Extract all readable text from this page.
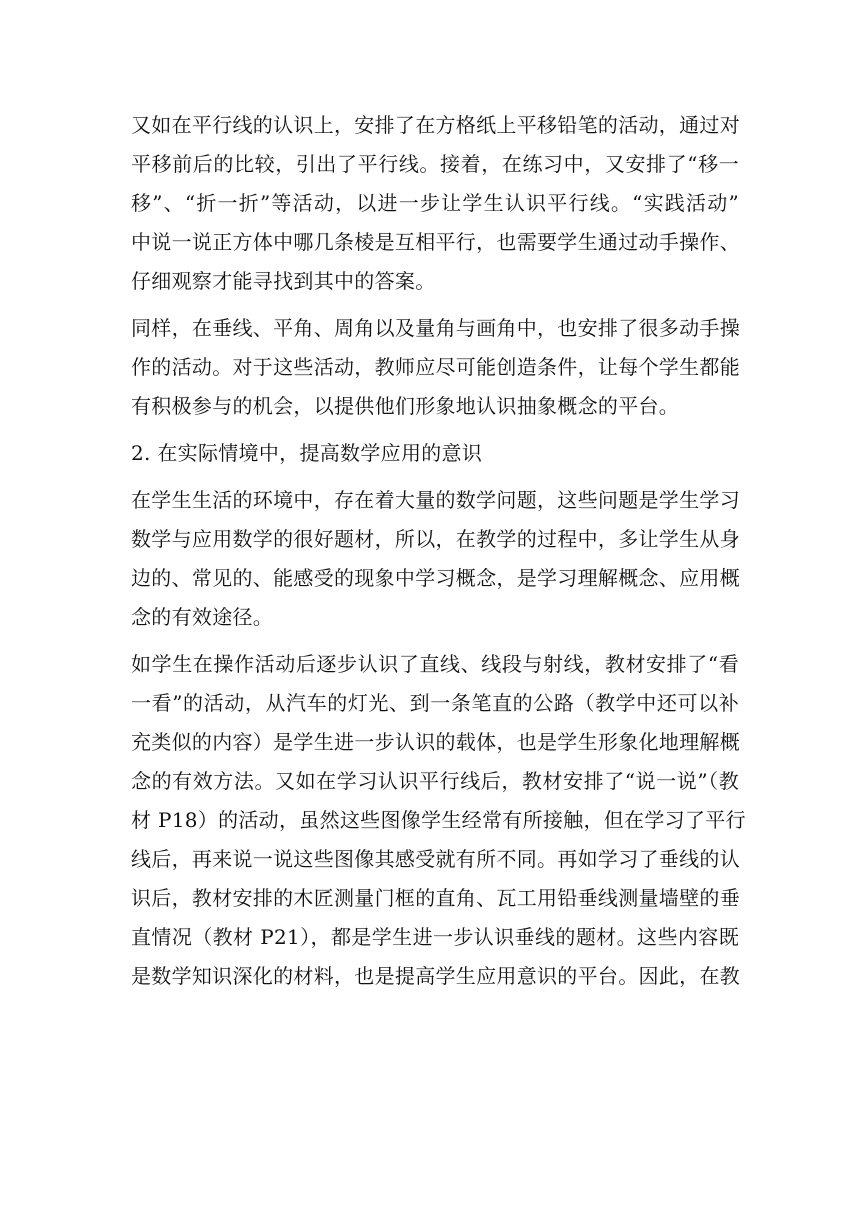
又如在平行线的认识上，安排了在方格纸上平移铅笔的活动，通过对
平移前后的比较，引出了平行线。接着，在练习中，又安排了“移一
移”、“折一折”等活动，以进一步让学生认识平行线。“实践活动”
中说一说正方体中哪几条棱是互相平行，也需要学生通过动手操作、
仔细观察才能寻找到其中的答案。
同样，在垂线、平角、周角以及量角与画角中，也安排了很多动手操
作的活动。对于这些活动，教师应尽可能创造条件，让每个学生都能
有积极参与的机会，以提供他们形象地认识抽象概念的平台。
2. 在实际情境中，提高数学应用的意识
在学生生活的环境中，存在着大量的数学问题，这些问题是学生学习
数学与应用数学的很好题材，所以，在教学的过程中，多让学生从身
边的、常见的、能感受的现象中学习概念，是学习理解概念、应用概
念的有效途径。
如学生在操作活动后逐步认识了直线、线段与射线，教材安排了“看
一看”的活动，从汽车的灯光、到一条笔直的公路（教学中还可以补
充类似的内容）是学生进一步认识的载体，也是学生形象化地理解概
念的有效方法。又如在学习认识平行线后，教材安排了“说一说”（教
材 P18）的活动，虽然这些图像学生经常有所接触，但在学习了平行
线后，再来说一说这些图像其感受就有所不同。再如学习了垂线的认
识后，教材安排的木匠测量门框的直角、瓦工用铅垂线测量墙壁的垂
直情况（教材 P21），都是学生进一步认识垂线的题材。这些内容既
是数学知识深化的材料，也是提高学生应用意识的平台。因此，在教
